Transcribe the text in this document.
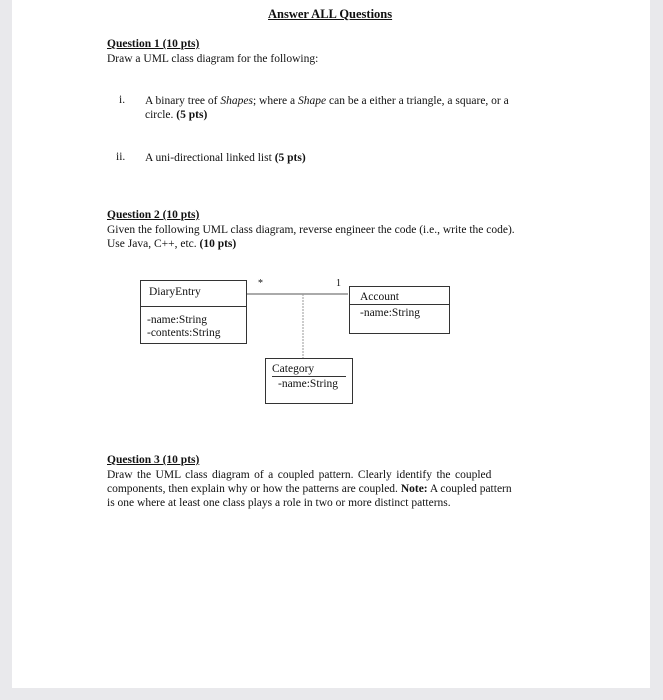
Answer ALL Questions
Question 1 (10 pts)
Draw a UML class diagram for the following:
i. A binary tree of Shapes; where a Shape can be a either a triangle, a square, or a
circle. (5 pts)
ii. A uni-directional linked list (5 pts)
Question 2 (10 pts)
Given the following UML class diagram, reverse engineer the code (i.e., write the code).
Use Java, C++, etc. (10 pts)
DiaryEntry
-name:String
-contents:String
Account
-name:String
Category
-name:String
*	1
Question 3 (10 pts)
Draw the UML class diagram of a coupled pattern. Clearly identify the coupled
components, then explain why or how the patterns are coupled. Note: A coupled pattern
is one where at least one class plays a role in two or more distinct patterns.
